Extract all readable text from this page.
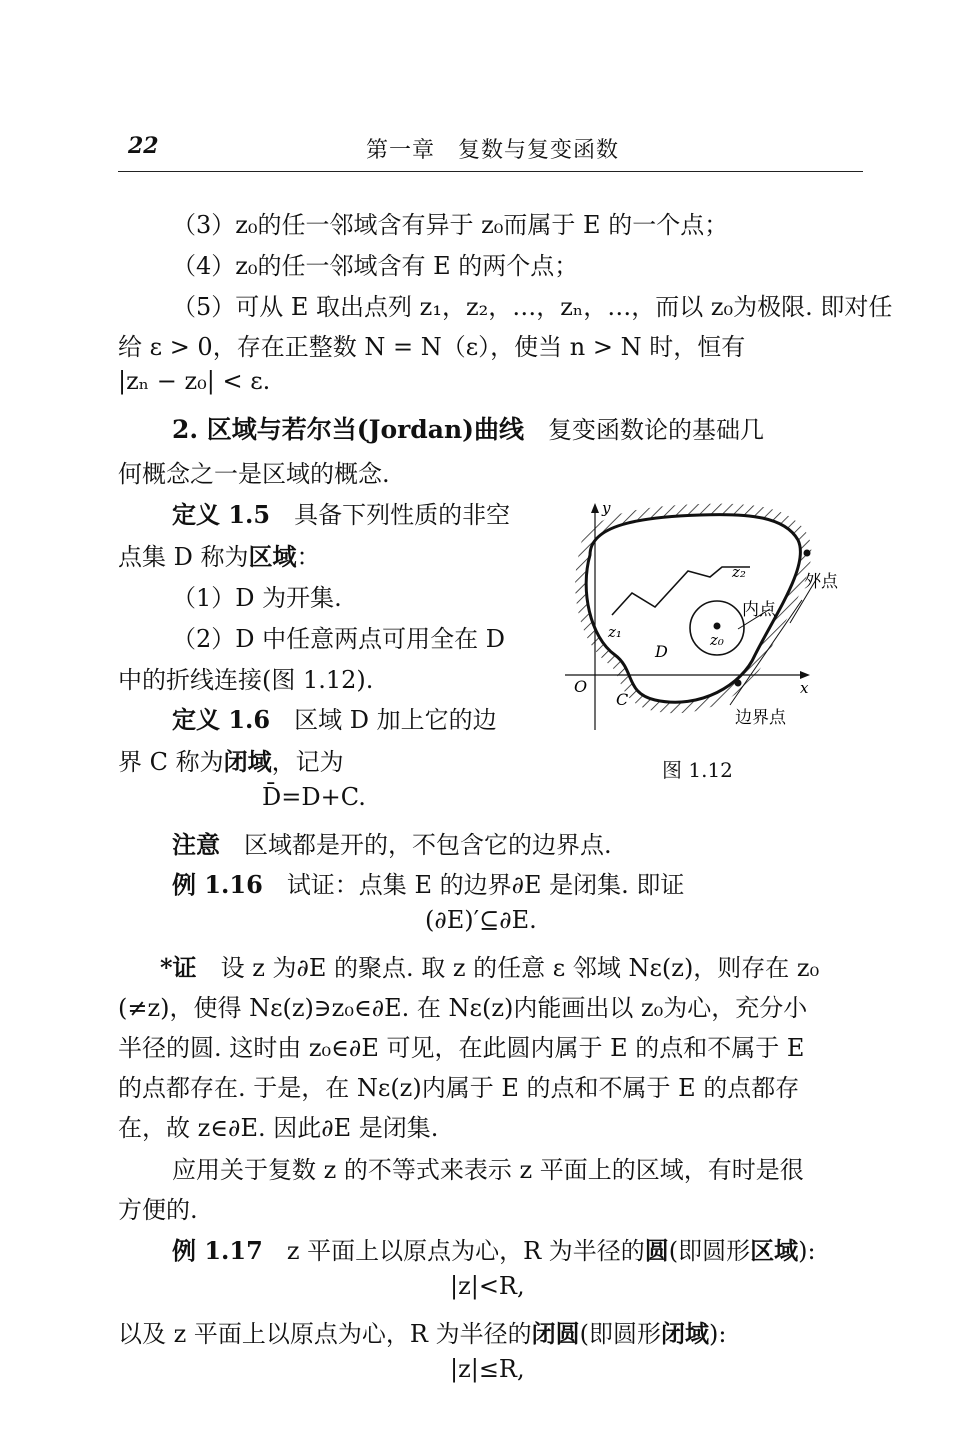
22	第一章　复数与复变函数
（3）z₀的任一邻域含有异于 z₀而属于 E 的一个点；
（4）z₀的任一邻域含有 E 的两个点；
（5）可从 E 取出点列 z₁，z₂，…，zₙ，…，而以 z₀为极限. 即对任
给 ε > 0，存在正整数 N = N（ε），使当 n > N 时，恒有
|zₙ − z₀| < ε.
2. 区域与若尔当(Jordan)曲线　 复变函数论的基础几
何概念之一是区域的概念.
定义 1.5　 具备下列性质的非空
点集 D 称为区域：
（1）D 为开集.
（2）D 中任意两点可用全在 D
中的折线连接(图 1.12).
定义 1.6　 区域 D 加上它的边
界 C 称为闭域，记为
D̄=D+C.
注意　 区域都是开的，不包含它的边界点.
例 1.16　 试证：点集 E 的边界∂E 是闭集. 即证
(∂E)′⊆∂E.
*证　 设 z 为∂E 的聚点. 取 z 的任意 ε 邻域 Nε(z)，则存在 z₀
(≠z)，使得 Nε(z)∋z₀∈∂E. 在 Nε(z)内能画出以 z₀为心，充分小
半径的圆. 这时由 z₀∈∂E 可见，在此圆内属于 E 的点和不属于 E
的点都存在. 于是，在 Nε(z)内属于 E 的点和不属于 E 的点都存
在，故 z∈∂E. 因此∂E 是闭集.
应用关于复数 z 的不等式来表示 z 平面上的区域，有时是很
方便的.
例 1.17　 z 平面上以原点为心，R 为半径的圆(即圆形区域):
|z|<R,
以及 z 平面上以原点为心，R 为半径的闭圆(即圆形闭域):
|z|≤R,
y
x
O
C
D
z₁
z₂
z₀
外点
内点
边界点
图 1.12
